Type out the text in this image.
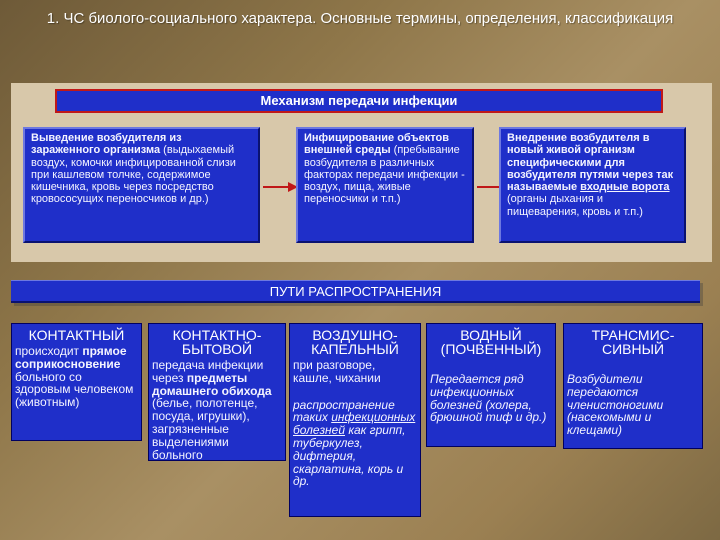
1. ЧС биолого-социального характера. Основные термины, определения, классификация
Механизм передачи инфекции
Выведение возбудителя из зараженного организма (выдыхаемый воздух, комочки инфицированной слизи при кашлевом толчке, содержимое кишечника, кровь через посредство кровососущих переносчиков и др.)
Инфицирование объектов внешней среды (пребывание возбудителя в различных факторах передачи инфекции - воздух, пища, живые переносчики и т.п.)
Внедрение возбудителя в новый живой организм специфическими для возбудителя путями через так называемые входные ворота (органы дыхания и пищеварения, кровь и т.п.)
ПУТИ РАСПРОСТРАНЕНИЯ
КОНТАКТНЫЙ
происходит прямое соприкосновение больного со здоровым человеком (животным)
КОНТАКТНО-БЫТОВОЙ
передача инфекции через предметы домашнего обихода (белье, полотенце, посуда, игрушки), загрязненные выделениями больного
ВОЗДУШНО-КАПЕЛЬНЫЙ
при разговоре, кашле, чихании
распространение таких инфекционных болезней как грипп, туберкулез, дифтерия, скарлатина, корь и др.
ВОДНЫЙ (ПОЧВЕННЫЙ)
Передается ряд инфекционных болезней (холера, брюшной тиф и др.)
ТРАНСМИС-СИВНЫЙ
Возбудители передаются членистоногими (насекомыми и клещами)
